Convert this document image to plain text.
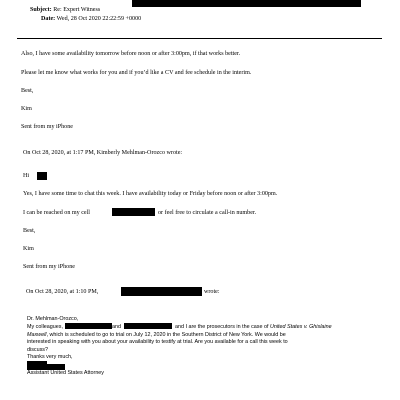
Subject: Re: Expert Witness
Date: Wed, 28 Oct 2020 22:22:59 +0000
Also, I have some availability tomorrow before noon or after 3:00pm, if that works better.
Please let me know what works for you and if you’d like a CV and fee schedule in the interim.
Best,
Kim
Sent from my iPhone
On Oct 28, 2020, at 1:17 PM, Kimberly Mehlman-Orozco wrote:
Hi
Yes, I have some time to chat this week. I have availability today or Friday before noon or after 3:00pm.
I can be reached on my cell	or feel free to circulate a call-in number.
Best,
Kim
Sent from my iPhone
On Oct 28, 2020, at 1:10 PM,	wrote:
Dr. Mehlman-Orozco,
My colleagues,	and	and I are the prosecutors in the case of United States v. Ghislaine
Maxwell, which is scheduled to go to trial on July 12, 2020 in the Southern District of New York. We would be
interested in speaking with you about your availability to testify at trial. Are you available for a call this week to
discuss?
Thanks very much,
Assistant United States Attorney
